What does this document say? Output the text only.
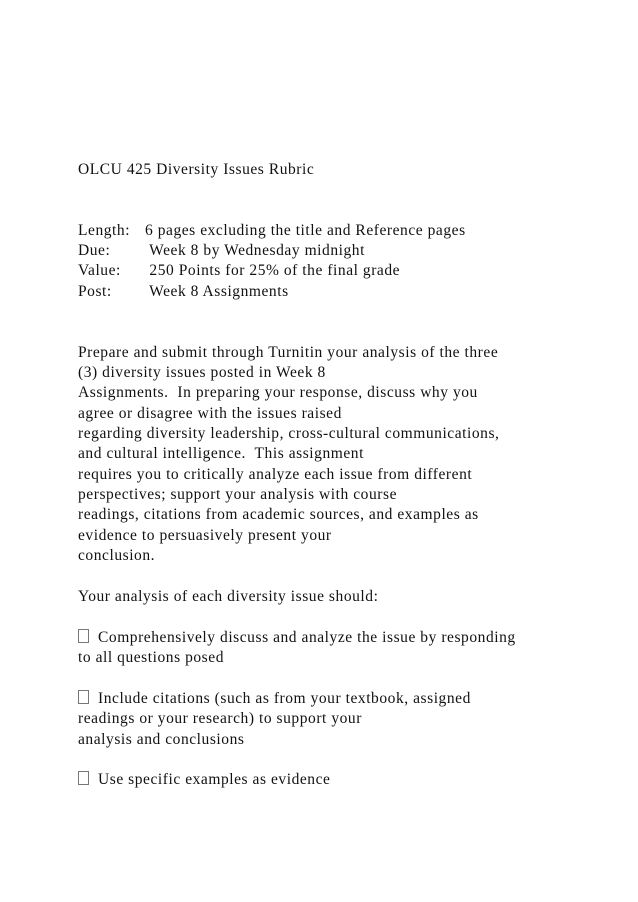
OLCU 425 Diversity Issues Rubric
Length: 6 pages excluding the title and Reference pages
Due: Week 8 by Wednesday midnight
Value: 250 Points for 25% of the final grade
Post: Week 8 Assignments
Prepare and submit through Turnitin your analysis of the three
(3) diversity issues posted in Week 8
Assignments.  In preparing your response, discuss why you
agree or disagree with the issues raised
regarding diversity leadership, cross-cultural communications,
and cultural intelligence.  This assignment
requires you to critically analyze each issue from different
perspectives; support your analysis with course
readings, citations from academic sources, and examples as
evidence to persuasively present your
conclusion.
Your analysis of each diversity issue should:
Comprehensively discuss and analyze the issue by responding
to all questions posed
Include citations (such as from your textbook, assigned
readings or your research) to support your
analysis and conclusions
Use specific examples as evidence
